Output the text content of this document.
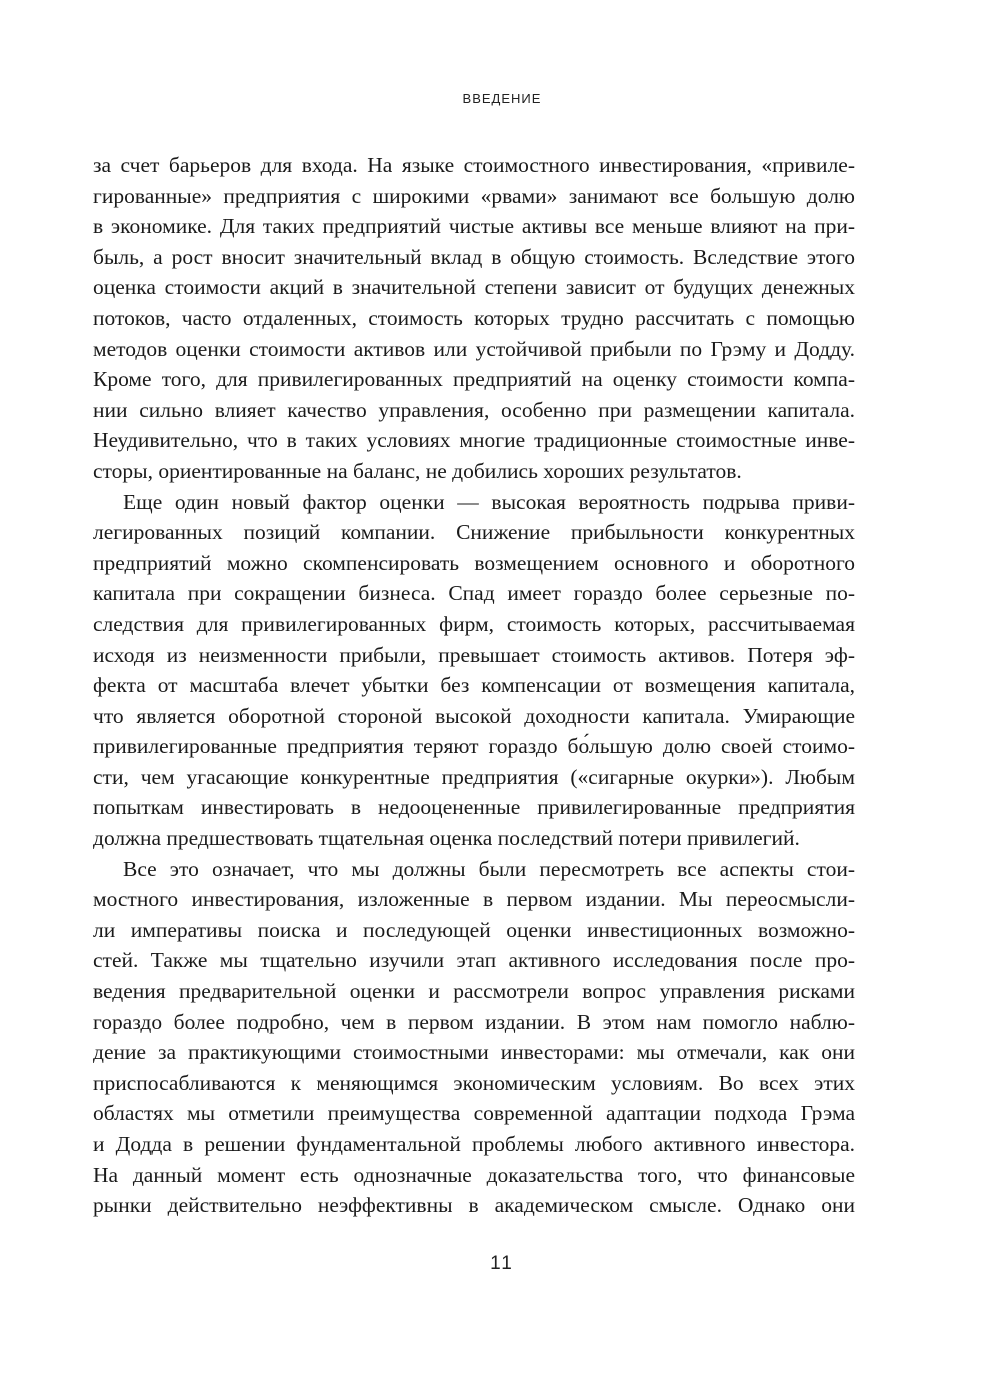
ВВЕДЕНИЕ
за счет барьеров для входа. На языке стоимостного инвестирования, «привиле-
гированные» предприятия с широкими «рвами» занимают все большую долю
в экономике. Для таких предприятий чистые активы все меньше влияют на при-
быль, а рост вносит значительный вклад в общую стоимость. Вследствие этого
оценка стоимости акций в значительной степени зависит от будущих денежных
потоков, часто отдаленных, стоимость которых трудно рассчитать с помощью
методов оценки стоимости активов или устойчивой прибыли по Грэму и Додду.
Кроме того, для привилегированных предприятий на оценку стоимости компа-
нии сильно влияет качество управления, особенно при размещении капитала.
Неудивительно, что в таких условиях многие традиционные стоимостные инве-
сторы, ориентированные на баланс, не добились хороших результатов.
Еще один новый фактор оценки — высокая вероятность подрыва приви-
легированных позиций компании. Снижение прибыльности конкурентных
предприятий можно скомпенсировать возмещением основного и оборотного
капитала при сокращении бизнеса. Спад имеет гораздо более серьезные по-
следствия для привилегированных фирм, стоимость которых, рассчитываемая
исходя из неизменности прибыли, превышает стоимость активов. Потеря эф-
фекта от масштаба влечет убытки без компенсации от возмещения капитала,
что является оборотной стороной высокой доходности капитала. Умирающие
привилегированные предприятия теряют гораздо бо́льшую долю своей стоимо-
сти, чем угасающие конкурентные предприятия («сигарные окурки»). Любым
попыткам инвестировать в недооцененные привилегированные предприятия
должна предшествовать тщательная оценка последствий потери привилегий.
Все это означает, что мы должны были пересмотреть все аспекты стои-
мостного инвестирования, изложенные в первом издании. Мы переосмысли-
ли императивы поиска и последующей оценки инвестиционных возможно-
стей. Также мы тщательно изучили этап активного исследования после про-
ведения предварительной оценки и рассмотрели вопрос управления рисками
гораздо более подробно, чем в первом издании. В этом нам помогло наблю-
дение за практикующими стоимостными инвесторами: мы отмечали, как они
приспосабливаются к меняющимся экономическим условиям. Во всех этих
областях мы отметили преимущества современной адаптации подхода Грэма
и Додда в решении фундаментальной проблемы любого активного инвестора.
На данный момент есть однозначные доказательства того, что финансовые
рынки действительно неэффективны в академическом смысле. Однако они
11
